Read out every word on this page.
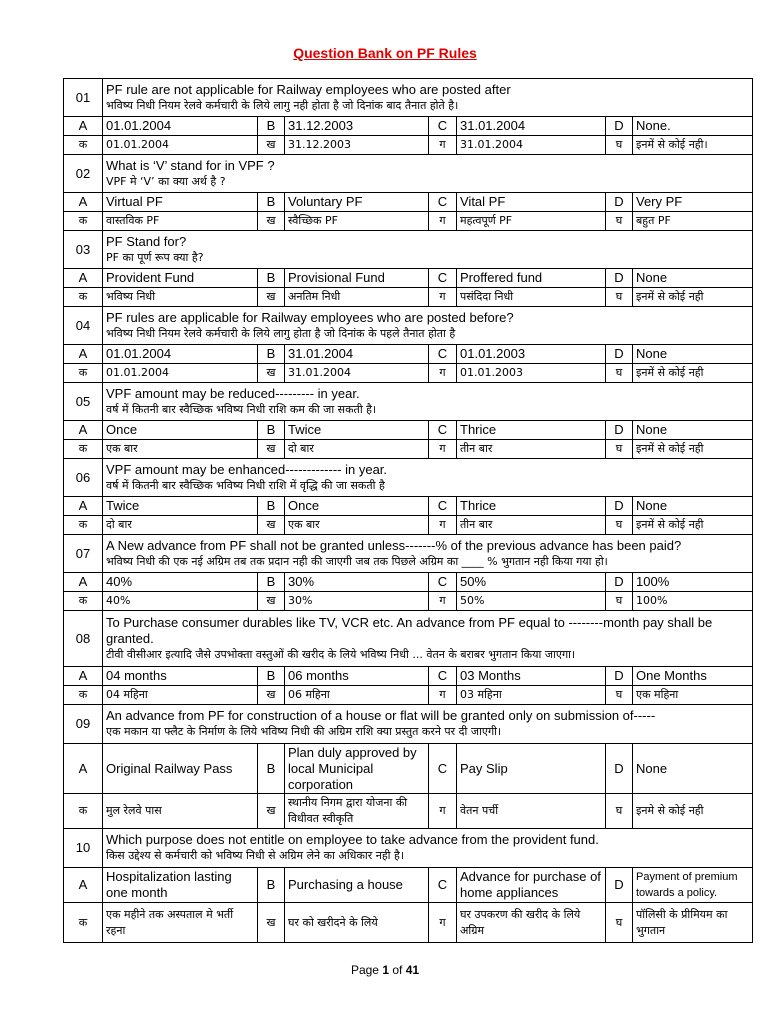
Question Bank on PF Rules
01	PF rule are not applicable for Railway employees who are posted after
भविष्य निधी नियम रेलवे कर्मचारी के लिये लागु नही होता है जो दिनांक बाद तैनात होते है।						

A	01.01.2004	B	31.12.2003	C	31.01.2004	D	None.
क	01.01.2004	ख	31.12.2003	ग	31.01.2004	घ	इनमें से कोई नही।
02	What is ‘V’ stand for in VPF ?
VPF मे ‘V’ का क्या अर्थ है ?						

A	Virtual PF	B	Voluntary PF	C	Vital PF	D	Very PF
क	वास्तविक PF	ख	स्वैच्छिक PF	ग	महत्वपूर्ण PF	घ	बहुत PF
03	PF Stand for?
PF का पूर्ण रूप क्या है?						

A	Provident Fund	B	Provisional Fund	C	Proffered fund	D	None
क	भविष्य निधी	ख	अनतिम निधी	ग	पसंदिदा निधी	घ	इनमें से कोई नही
04	PF rules are applicable for Railway employees who are posted before?
भविष्य निधी नियम रेलवे कर्मचारी के लिये लागु होता है जो दिनांक के पहले तैनात होता है						

A	01.01.2004	B	31.01.2004	C	01.01.2003	D	None
क	01.01.2004	ख	31.01.2004	ग	01.01.2003	घ	इनमें से कोई नही
05	VPF amount may be reduced--------- in year.
वर्ष में कितनी बार स्वैच्छिक भविष्य निधी राशि कम की जा सकती है।						

A	Once	B	Twice	C	Thrice	D	None
क	एक बार	ख	दो बार	ग	तीन बार	घ	इनमें से कोई नही
06	VPF amount may be enhanced------------- in year.
वर्ष में कितनी बार स्वैच्छिक भविष्य निधी राशि में वृद्धि की जा सकती है						

A	Twice	B	Once	C	Thrice	D	None
क	दो बार	ख	एक बार	ग	तीन बार	घ	इनमें से कोई नही
07	A New advance from PF shall not be granted unless-------% of the previous advance has been paid?
भविष्य निधी की एक नई अग्रिम तब तक प्रदान नही की जाएगी जब तक पिछले अग्रिम का ____ % भुगतान नही किया गया हो।						

A	40%	B	30%	C	50%	D	100%
क	40%	ख	30%	ग	50%	घ	100%
08	To Purchase consumer durables like TV, VCR etc. An advance from PF equal to --------month pay shall be granted.
टीवी वीसीआर इत्यादि जैसे उपभोक्ता वस्तुओं की खरीद के लिये भविष्य निधी ... वेतन के बराबर भुगतान किया जाएगा।						

A	04 months	B	06 months	C	03 Months	D	One Months
क	04 महिना	ख	06 महिना	ग	03 महिना	घ	एक महिना
09	An advance from PF for construction of a house or flat will be granted only on submission of-----
एक मकान या फ्लैट के निर्माण के लिये भविष्य निधी की अग्रिम राशि क्या प्रस्तुत करने पर दी जाएगी।						

A	Original Railway Pass	B	Plan duly approved by local Municipal corporation	C	Pay Slip	D	None
क	मुल रेलवे पास	ख	स्थानीय निगम द्वारा योजना की विधीवत स्वीकृति	ग	वेतन पर्ची	घ	इनमे से कोई नही
10	Which purpose does not entitle on employee to take advance from the provident fund.
किस उद्देश्य से कर्मचारी को भविष्य निधी से अग्रिम लेने का अधिकार नही है।						

A	Hospitalization lasting one month	B	Purchasing a house	C	Advance for purchase of home appliances	D	Payment of premium towards a policy.
क	एक महीने तक अस्पताल मे भर्ती रहना	ख	घर को खरीदने के लिये	ग	घर उपकरण की खरीद के लिये अग्रिम	घ	पॉलिसी के प्रीमियम का भुगतान
Page 1 of 41
